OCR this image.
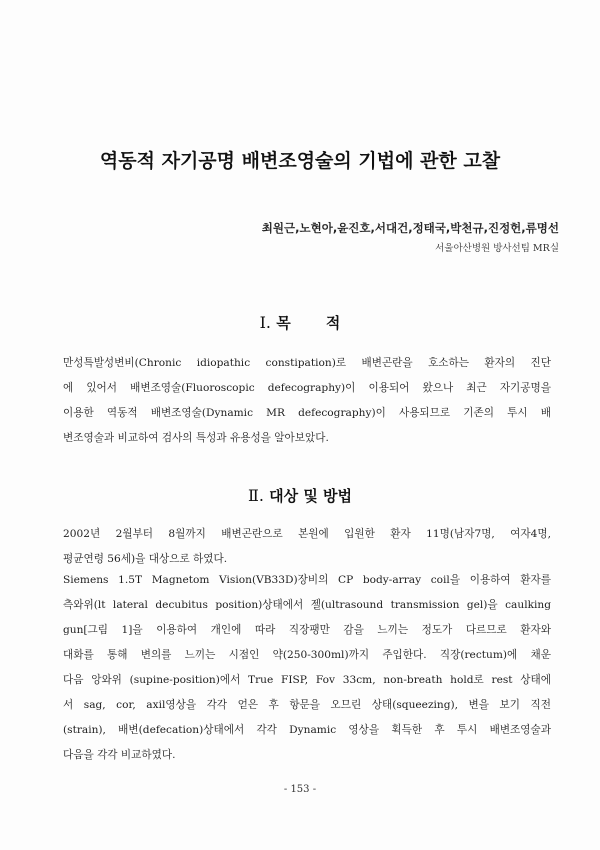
역동적 자기공명 배변조영술의 기법에 관한 고찰
최원근,노현아,윤진호,서대건,정태국,박천규,진정헌,류명선
서울아산병원 방사선팀 MR실
Ⅰ. 목 적
만성특발성변비(Chronic idiopathic constipation)로 배변곤란을 호소하는 환자의 진단
에 있어서 배변조영술(Fluoroscopic defecography)이 이용되어 왔으나 최근 자기공명을
이용한 역동적 배변조영술(Dynamic MR defecography)이 사용되므로 기존의 투시 배
변조영술과 비교하여 검사의 특성과 유용성을 알아보았다.
Ⅱ. 대상 및 방법
2002년 2월부터 8월까지 배변곤란으로 본원에 입원한 환자 11명(남자7명, 여자4명,
평균연령 56세)을 대상으로 하였다.
Siemens 1.5T Magnetom Vision(VB33D)장비의 CP body-array coil을 이용하여 환자를
측와위(lt lateral decubitus position)상태에서 젤(ultrasound transmission gel)을 caulking
gun[그림 1]을 이용하여 개인에 따라 직장팽만 감을 느끼는 정도가 다르므로 환자와
대화를 통해 변의를 느끼는 시점인 약(250-300ml)까지 주입한다. 직장(rectum)에 채운
다음 앙와위 (supine-position)에서 True FISP, Fov 33cm, non-breath hold로 rest 상태에
서 sag, cor, axil영상을 각각 얻은 후 항문을 오므린 상태(squeezing), 변을 보기 직전
(strain), 배변(defecation)상태에서 각각 Dynamic 영상을 획득한 후 투시 배변조영술과
다음을 각각 비교하였다.
- 153 -
